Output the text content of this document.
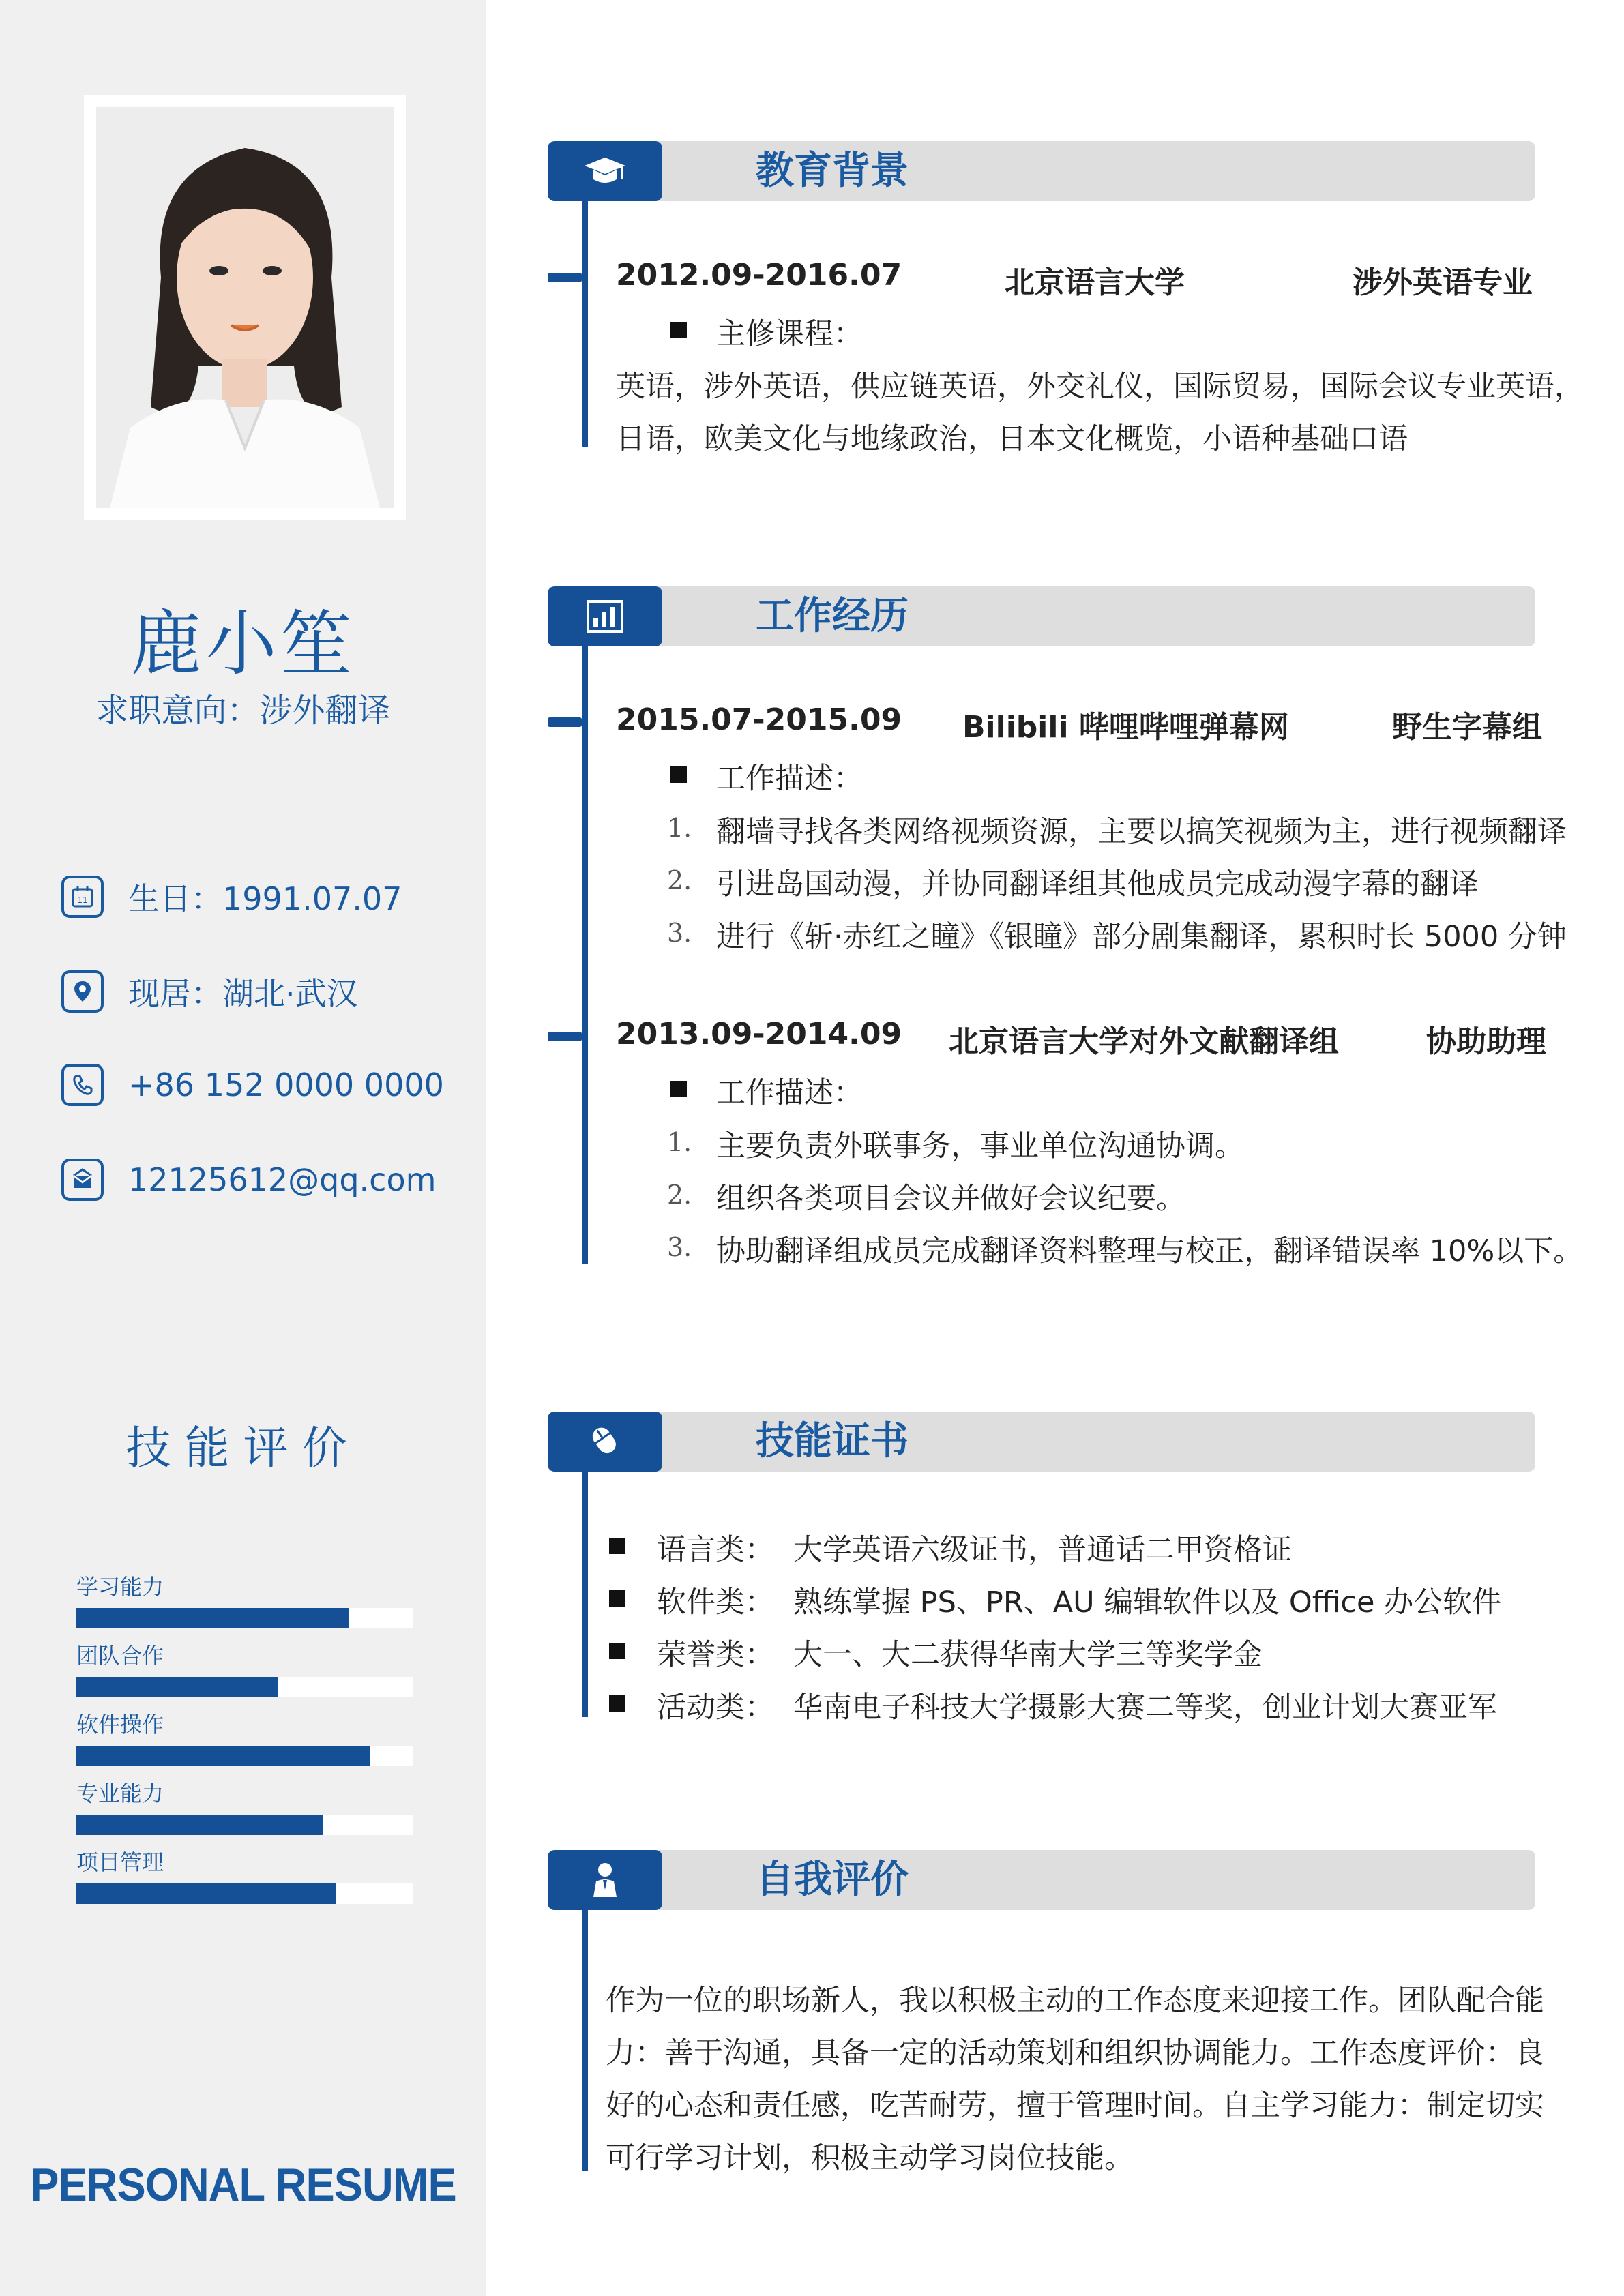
鹿小笙
求职意向：涉外翻译
11 生日：1991.07.07
现居：湖北·武汉
+86 152 0000 0000
12125612@qq.com
技能评价
学习能力
团队合作
软件操作
专业能力
项目管理
PERSONAL RESUME
教育背景
2012.09-2016.07	北京语言大学	涉外英语专业
主修课程：
英语，涉外英语，供应链英语，外交礼仪，国际贸易，国际会议专业英语，
日语，欧美文化与地缘政治，日本文化概览，小语种基础口语
工作经历
2015.07-2015.09 Bilibili 哔哩哔哩弹幕网	野生字幕组
工作描述：
1. 翻墙寻找各类网络视频资源，主要以搞笑视频为主，进行视频翻译
2. 引进岛国动漫，并协同翻译组其他成员完成动漫字幕的翻译
3. 进行《斩·赤红之瞳》《银瞳》部分剧集翻译，累积时长 5000 分钟
2013.09-2014.09 北京语言大学对外文献翻译组	协助助理
工作描述：
1. 主要负责外联事务，事业单位沟通协调。
2. 组织各类项目会议并做好会议纪要。
3. 协助翻译组成员完成翻译资料整理与校正，翻译错误率 10%以下。
技能证书
语言类： 大学英语六级证书，普通话二甲资格证
软件类： 熟练掌握 PS、PR、AU 编辑软件以及 Office 办公软件
荣誉类： 大一、大二获得华南大学三等奖学金
活动类： 华南电子科技大学摄影大赛二等奖，创业计划大赛亚军
自我评价
作为一位的职场新人，我以积极主动的工作态度来迎接工作。团队配合能
力：善于沟通，具备一定的活动策划和组织协调能力。工作态度评价：良
好的心态和责任感，吃苦耐劳，擅于管理时间。自主学习能力：制定切实
可行学习计划，积极主动学习岗位技能。
